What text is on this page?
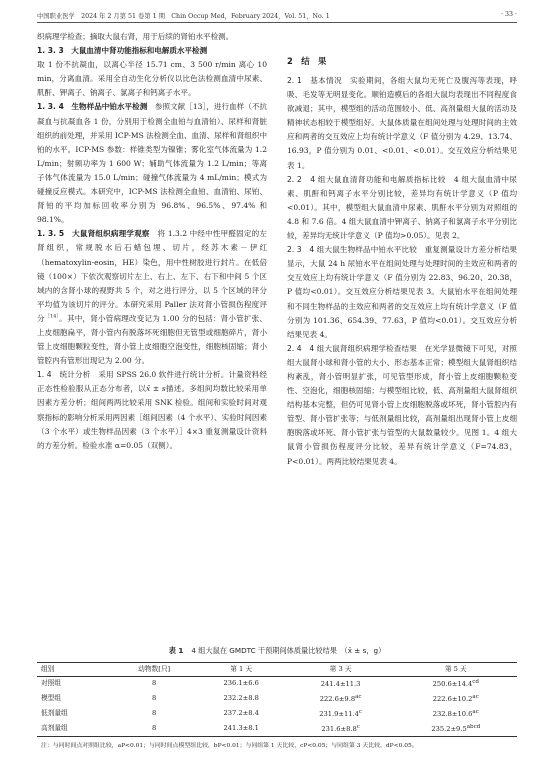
中国职业医学　2024 年 2 月第 51 卷第 1 期　Chin Occup Med，February 2024，Vol. 51，No. 1	· 33 ·

织病理学检查；摘取大鼠右肾，用于后续的肾铂水平检测。

1. 3. 3　大鼠血清中肾功能指标和电解质水平检测

取 1 份不抗凝血，以离心半径 15.71 cm、3 500 r/min 离心 10 min，分离血清。采用全自动生化分析仪以比色法检测血清中尿素、肌酐、钾离子、钠离子、氯离子和钙离子水平。

1. 3. 4　生物样品中铂水平检测　 参照文献［13］，进行血样（不抗凝血与抗凝血各 1 份，分别用于检测全血铂与血清铂）、尿样和肾脏组织的前处理，并采用 ICP-MS 法检测全血、血清、尿样和肾组织中铂的水平。ICP-MS 参数：样锥类型为镍锥；雾化室气体流量为 1.2 L/min；射频功率为 1 600 W；辅助气体流量为 1.2 L/min；等离子体气体流量为 15.0 L/min；碰撞气体流量为 4 mL/min；模式为碰撞反应模式。本研究中，ICP-MS 法检测全血铂、血清铂、尿铂、肾铂的平均加标回收率分别为 96.8%、96.5%、97.4% 和 98.1%。

1. 3. 5　大鼠肾组织病理学观察　 将 1.3.2 中经中性甲醛固定的左肾组织，常规脱水后石蜡包埋、切片，经苏木素－伊红（hematoxylin-eosin，HE）染色，用中性树胶进行封片。在低倍镜（100×）下依次观察切片左上、右上、左下、右下和中间 5 个区域内的含肾小球的视野共 5 个，对之进行评分，以 5 个区域的评分平均值为该切片的评分。本研究采用 Paller 法对肾小管损伤程度评分$^{[14]}$。其中，肾小管病理改变记为 1.00 分的包括：肾小管扩张、上皮细胞扁平，肾小管内有脱落坏死细胞但无管型或细胞碎片，肾小管上皮细胞颗粒变性，肾小管上皮细胞空泡变性，细胞核固缩；肾小管腔内有管形出现记为 2.00 分。

1. 4　统计分析　 采用 SPSS 26.0 软件进行统计分析。计量资料经正态性检验服从正态分布者，以x̄ ± s描述。多组间均数比较采用单因素方差分析；组间两两比较采用 SNK 检验。组间和实验时间对观察指标的影响分析采用两因素［组间因素（4 个水平）、实验时间因素（3 个水平）或生物样品因素（3 个水平）］4×3 重复测量设计资料的方差分析。检验水准 α=0.05（双侧）。

2　结　果

2. 1　基本情况　 实验期间，各组大鼠均无死亡及腹泻等表现，呼吸、毛发等无明显变化。顺铂造模后的各组大鼠均表现出不同程度食欲减退；其中，模型组的活动范围较小、低、高剂量组大鼠的活动及精神状态相较于模型组好。大鼠体质量在组间处理与处理时间的主效应和两者的交互效应上均有统计学意义（F 值分别为 4.29、13.74、16.93，P 值分别为 0.01、<0.01、<0.01）。交互效应分析结果见表 1。

2. 2　4 组大鼠血清肾功能和电解质指标比较　 4 组大鼠血清中尿素、肌酐和钙离子水平分别比较，差异均有统计学意义（P 值均<0.01）。其中，模型组大鼠血清中尿素、肌酐水平分别为对照组的 4.8 和 7.6 倍。4 组大鼠血清中钾离子、钠离子和氯离子水平分别比较，差异均无统计学意义（P 值均>0.05）。见表 2。

2. 3　4 组大鼠生物样品中铂水平比较　 重复测量设计方差分析结果显示，大鼠 24 h 尿铂水平在组间处理与处理时间的主效应和两者的交互效应上均有统计学意义（F 值分别为 22.83、96.20、20.38，P 值均<0.01）。交互效应分析结果见表 3。大鼠铂水平在组间处理和不同生物样品的主效应和两者的交互效应上均有统计学意义（F 值分别为 101.36、654.39、77.63，P 值均<0.01）。交互效应分析结果见表 4。

2. 4　4 组大鼠肾组织病理学检查结果　 在光学显微镜下可见，对照组大鼠肾小球和肾小管的大小、形态基本正常；模型组大鼠肾组织结构紊乱，肾小管明显扩张，可见管型形成，肾小管上皮细胞颗粒变性、空泡化，细胞核固缩；与模型组比较，低、高剂量组大鼠肾组织结构基本完整，但仍可见肾小管上皮细胞脱落或坏死，肾小管腔内有管型、肾小管扩张等；与低剂量组比较，高剂量组出现肾小管上皮细胞脱落或坏死、肾小管扩张与管型的大鼠数量较少。见图 1。4 组大鼠肾小管损伤程度评分比较，差异有统计学意义（F=74.83，P<0.01）。两两比较结果见表 4。

表 1 4 组大鼠在 GMDTC 干预期间体质量比较结果　 （x̄ ± s，g）
组别	动物数[只]	第 1 天	第 3 天	第 5 天
对照组	8	236.1±6.6	241.4±11.3	250.6±14.4$^{cd}$
模型组	8	232.2±8.8	222.6±9.8$^{ac}$	222.6±10.2$^{ac}$
低剂量组	8	237.2±8.4	231.9±11.4$^c$	232.8±10.6$^{ac}$
高剂量组	8	241.3±8.1	231.6±8.8$^c$	$235.2\pm 9.5^{abcd}$
注：与同时间点对照组比较，aP<0.01；与同时间点模型组比较，bP<0.01；与同组第 1 天比较，cP<0.05；与同组第 3 天比较，dP<0.05。
